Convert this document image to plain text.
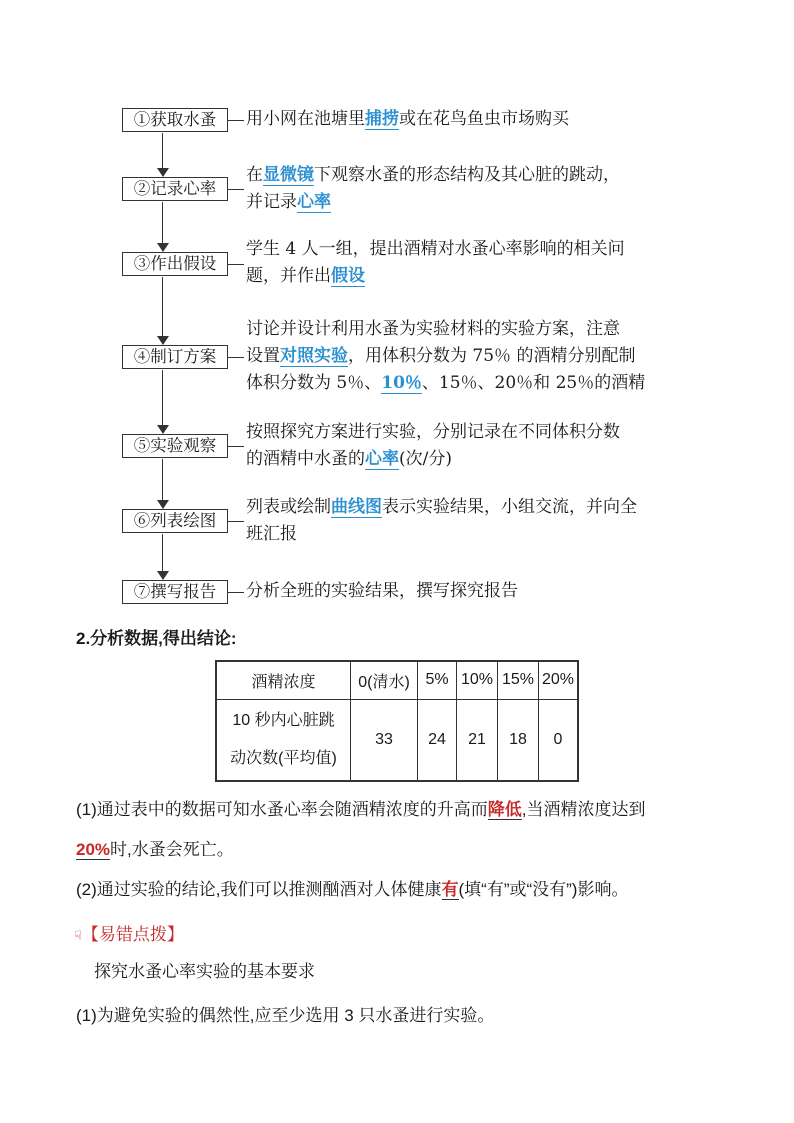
①获取水蚤	用小网在池塘里捕捞或在花鸟鱼虫市场购买
②记录心率
在显微镜下观察水蚤的形态结构及其心脏的跳动，
并记录心率
③作出假设
学生 4 人一组，提出酒精对水蚤心率影响的相关问
题，并作出假设
④制订方案
讨论并设计利用水蚤为实验材料的实验方案，注意
设置对照实验，用体积分数为 75％ 的酒精分别配制
体积分数为 5％、10％、15％、20％和 25％的酒精
⑤实验观察
按照探究方案进行实验，分别记录在不同体积分数
的酒精中水蚤的心率(次/分)
⑥列表绘图
列表或绘制曲线图表示实验结果，小组交流，并向全
班汇报
⑦撰写报告	分析全班的实验结果，撰写探究报告
2.分析数据,得出结论:
酒精浓度	0(清水)	5%	10%	15%	20%

10 秒内心脏跳
动次数(平均值)	33	24	21	18	0
(1)通过表中的数据可知水蚤心率会随酒精浓度的升高而降低,当酒精浓度达到
20%时,水蚤会死亡。
(2)通过实验的结论,我们可以推测酗酒对人体健康有(填“有”或“没有”)影响。
☟【易错点拨】
探究水蚤心率实验的基本要求
(1)为避免实验的偶然性,应至少选用 3 只水蚤进行实验。
